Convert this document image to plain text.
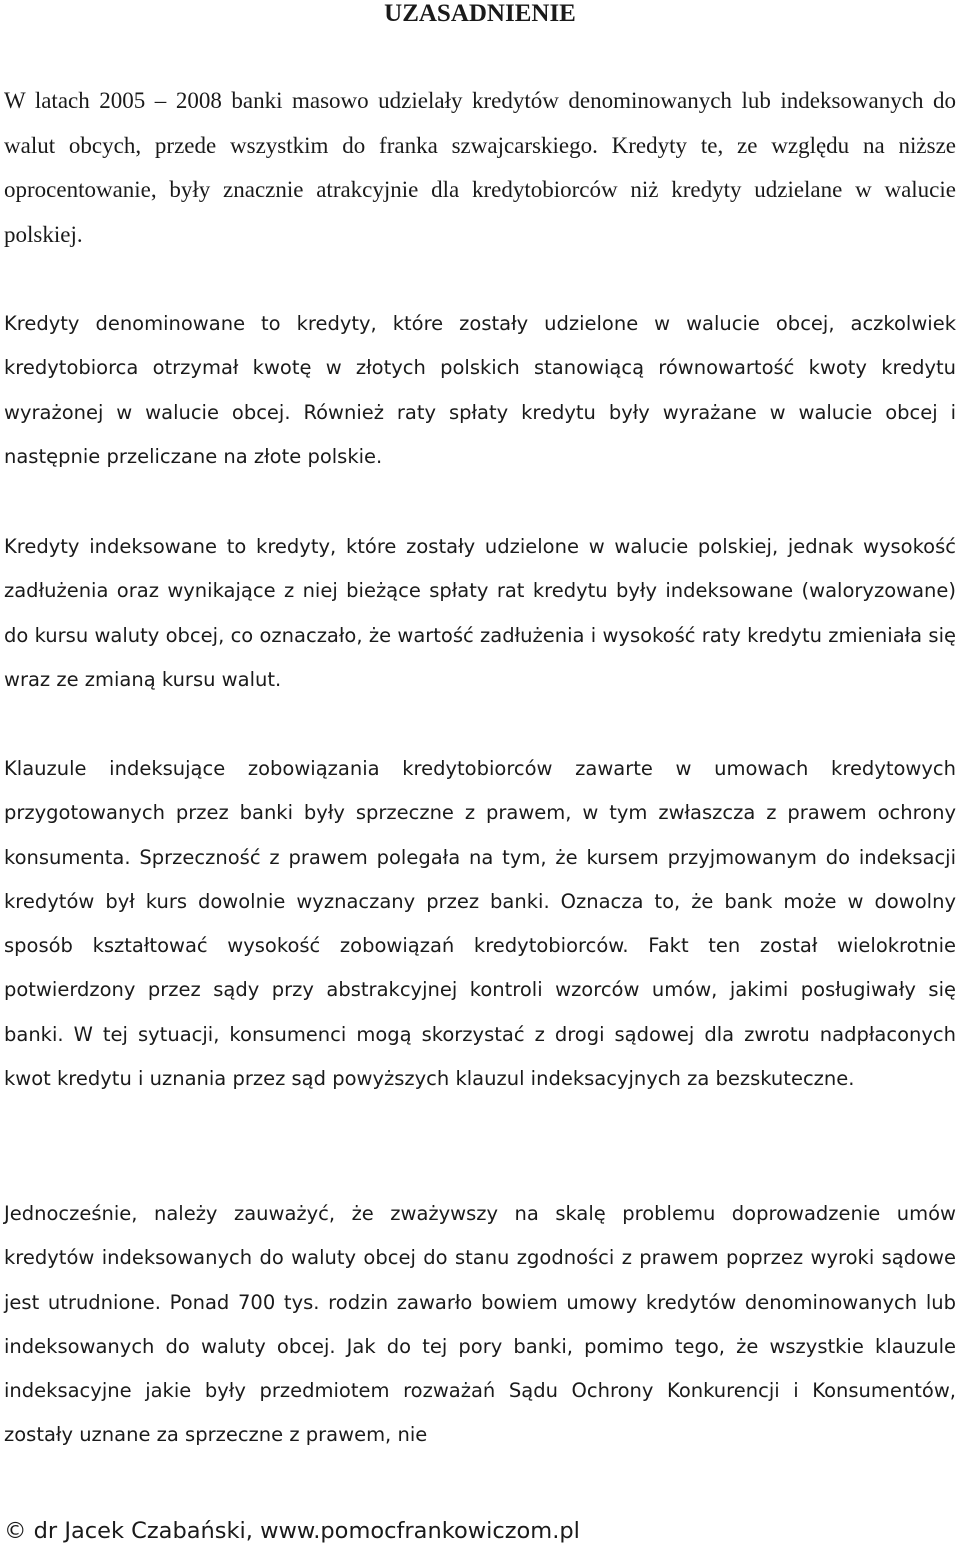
UZASADNIENIE

W latach 2005 – 2008 banki masowo udzielały kredytów denominowanych lub indeksowanych do walut obcych, przede wszystkim do franka szwajcarskiego. Kredyty te, ze względu na niższe oprocentowanie, były znacznie atrakcyjnie dla kredytobiorców niż kredyty udzielane w walucie polskiej.

Kredyty denominowane to kredyty, które zostały udzielone w walucie obcej, aczkolwiek kredytobiorca otrzymał kwotę w złotych polskich stanowiącą równowartość kwoty kredytu wyrażonej w walucie obcej. Również raty spłaty kredytu były wyrażane w walucie obcej i następnie przeliczane na złote polskie.

Kredyty indeksowane to kredyty, które zostały udzielone w walucie polskiej, jednak wysokość zadłużenia oraz wynikające z niej bieżące spłaty rat kredytu były indeksowane (waloryzowane) do kursu waluty obcej, co oznaczało, że wartość zadłużenia i wysokość raty kredytu zmieniała się wraz ze zmianą kursu walut.

Klauzule indeksujące zobowiązania kredytobiorców zawarte w umowach kredytowych przygotowanych przez banki były sprzeczne z prawem, w tym zwłaszcza z prawem ochrony konsumenta. Sprzeczność z prawem polegała na tym, że kursem przyjmowanym do indeksacji kredytów był kurs dowolnie wyznaczany przez banki. Oznacza to, że bank może w dowolny sposób kształtować wysokość zobowiązań kredytobiorców. Fakt ten został wielokrotnie potwierdzony przez sądy przy abstrakcyjnej kontroli wzorców umów, jakimi posługiwały się banki. W tej sytuacji, konsumenci mogą skorzystać z drogi sądowej dla zwrotu nadpłaconych kwot kredytu i uznania przez sąd powyższych klauzul indeksacyjnych za bezskuteczne.

Jednocześnie, należy zauważyć, że zważywszy na skalę problemu doprowadzenie umów kredytów indeksowanych do waluty obcej do stanu zgodności z prawem poprzez wyroki sądowe jest utrudnione. Ponad 700 tys. rodzin zawarło bowiem umowy kredytów denominowanych lub indeksowanych do waluty obcej. Jak do tej pory banki, pomimo tego, że wszystkie klauzule indeksacyjne jakie były przedmiotem rozważań Sądu Ochrony Konkurencji i Konsumentów, zostały uznane za sprzeczne z prawem, nie

© dr Jacek Czabański, www.pomocfrankowiczom.pl
